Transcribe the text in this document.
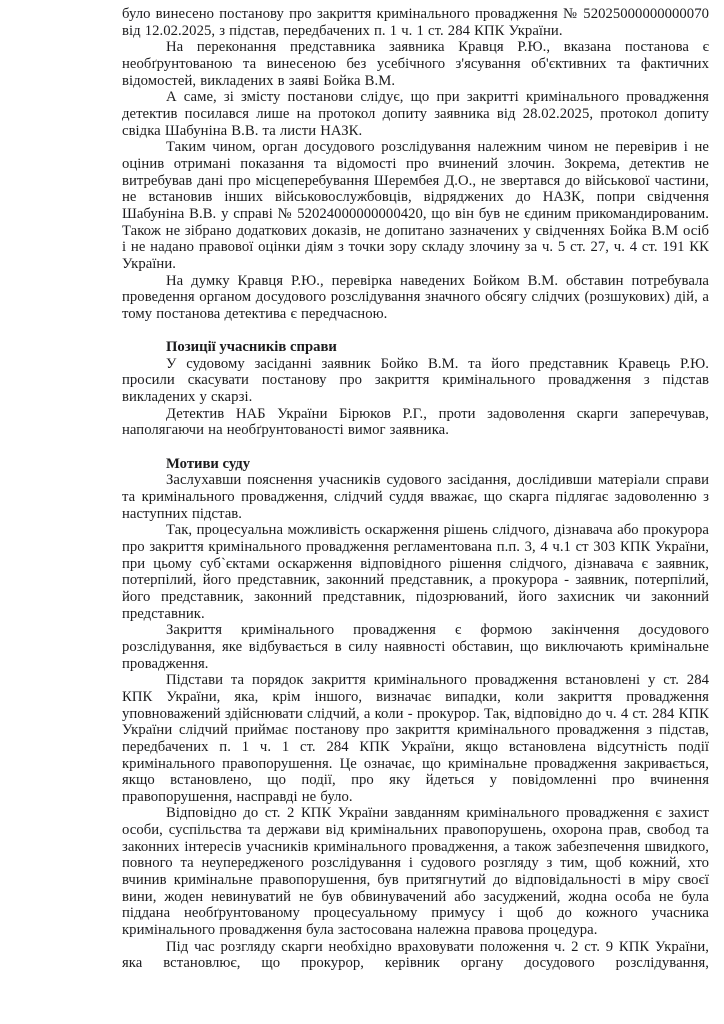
було винесено постанову про закриття кримінального провадження № 52025000000000070 від 12.02.2025, з підстав, передбачених п. 1 ч. 1 ст. 284 КПК України.

На переконання представника заявника Кравця Р.Ю., вказана постанова є необґрунтованою та винесеною без усебічного з'ясування об'єктивних та фактичних відомостей, викладених в заяві Бойка В.М.

А саме, зі змісту постанови слідує, що при закритті кримінального провадження детектив посилався лише на протокол допиту заявника від 28.02.2025, протокол допиту свідка Шабуніна В.В. та листи НАЗК.

Таким чином, орган досудового розслідування належним чином не перевірив і не оцінив отримані показання та відомості про вчинений злочин. Зокрема, детектив не витребував дані про місцеперебування Шерембея Д.О., не звертався до військової частини, не встановив інших військовослужбовців, відряджених до НАЗК, попри свідчення Шабуніна В.В. у справі № 52024000000000420, що він був не єдиним прикомандированим. Також не зібрано додаткових доказів, не допитано зазначених у свідченнях Бойка В.М осіб і не надано правової оцінки діям з точки зору складу злочину за ч. 5 ст. 27, ч. 4 ст. 191 КК України.

На думку Кравця Р.Ю., перевірка наведених Бойком В.М. обставин потребувала проведення органом досудового розслідування значного обсягу слідчих (розшукових) дій, а тому постанова детектива є передчасною.

Позиції учасників справи

У судовому засіданні заявник Бойко В.М. та його представник Кравець Р.Ю. просили скасувати постанову про закриття кримінального провадження з підстав викладених у скарзі.

Детектив НАБ України Бірюков Р.Г., проти задоволення скарги заперечував, наполягаючи на необґрунтованості вимог заявника.

Мотиви суду

Заслухавши пояснення учасників судового засідання, дослідивши матеріали справи та кримінального провадження, слідчий суддя вважає, що скарга підлягає задоволенню з наступних підстав.

Так, процесуальна можливість оскарження рішень слідчого, дізнавача або прокурора про закриття кримінального провадження регламентована п.п. 3, 4 ч.1 ст 303 КПК України, при цьому суб`єктами оскарження відповідного рішення слідчого, дізнавача є заявник, потерпілий, його представник, законний представник, а прокурора - заявник, потерпілий, його представник, законний представник, підозрюваний, його захисник чи законний представник.

Закриття кримінального провадження є формою закінчення досудового розслідування, яке відбувається в силу наявності обставин, що виключають кримінальне провадження.

Підстави та порядок закриття кримінального провадження встановлені у ст. 284 КПК України, яка, крім іншого, визначає випадки, коли закриття провадження уповноважений здійснювати слідчий, а коли - прокурор. Так, відповідно до ч. 4 ст. 284 КПК України слідчий приймає постанову про закриття кримінального провадження з підстав, передбачених п. 1 ч. 1 ст. 284 КПК України, якщо встановлена відсутність події кримінального правопорушення. Це означає, що кримінальне провадження закривається, якщо встановлено, що події, про яку йдеться у повідомленні про вчинення правопорушення, насправді не було.

Відповідно до ст. 2 КПК України завданням кримінального провадження є захист особи, суспільства та держави від кримінальних правопорушень, охорона прав, свобод та законних інтересів учасників кримінального провадження, а також забезпечення швидкого, повного та неупередженого розслідування і судового розгляду з тим, щоб кожний, хто вчинив кримінальне правопорушення, був притягнутий до відповідальності в міру своєї вини, жоден невинуватий не був обвинувачений або засуджений, жодна особа не була піддана необґрунтованому процесуальному примусу і щоб до кожного учасника кримінального провадження була застосована належна правова процедура.

Під час розгляду скарги необхідно враховувати положення ч. 2 ст. 9 КПК України, яка встановлює, що прокурор, керівник органу досудового розслідування,
